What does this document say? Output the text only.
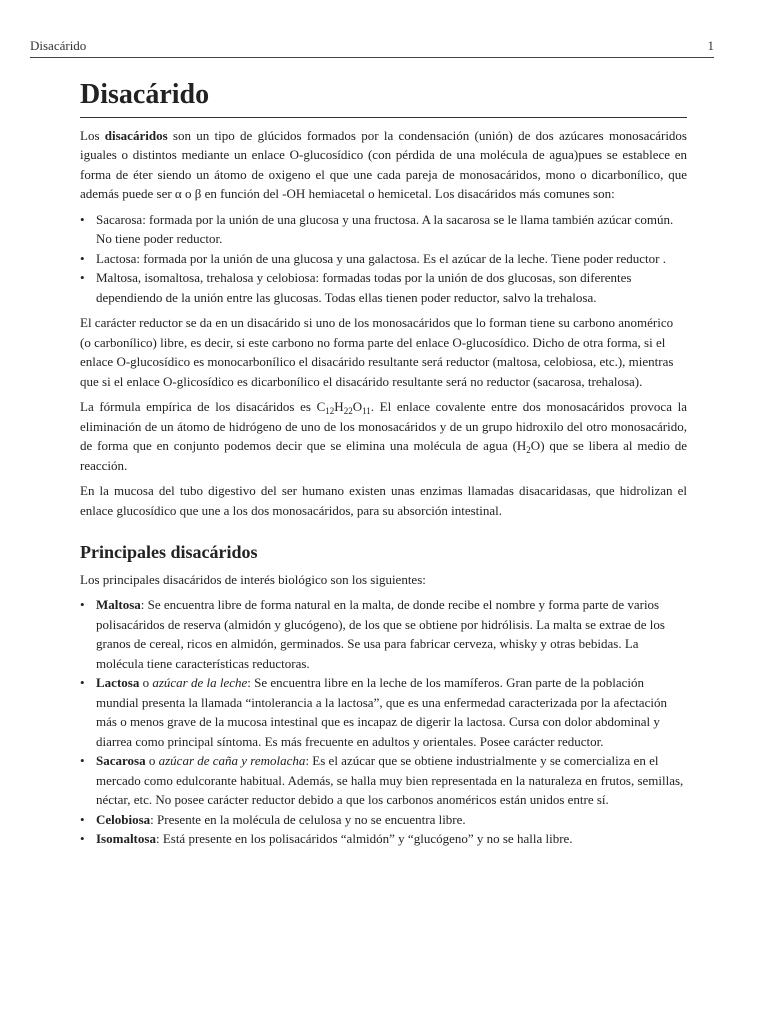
Disacárido	1
Disacárido

Los disacáridos son un tipo de glúcidos formados por la condensación (unión) de dos azúcares monosacáridos iguales o distintos mediante un enlace O-glucosídico (con pérdida de una molécula de agua)pues se establece en forma de éter siendo un átomo de oxigeno el que une cada pareja de monosacáridos, mono o dicarbonílico, que además puede ser α o β en función del -OH hemiacetal o hemicetal. Los disacáridos más comunes son:

• Sacarosa: formada por la unión de una glucosa y una fructosa. A la sacarosa se le llama también azúcar común. No tiene poder reductor.
• Lactosa: formada por la unión de una glucosa y una galactosa. Es el azúcar de la leche. Tiene poder reductor .
• Maltosa, isomaltosa, trehalosa y celobiosa: formadas todas por la unión de dos glucosas, son diferentes dependiendo de la unión entre las glucosas. Todas ellas tienen poder reductor, salvo la trehalosa.

El carácter reductor se da en un disacárido si uno de los monosacáridos que lo forman tiene su carbono anomérico (o carbonílico) libre, es decir, si este carbono no forma parte del enlace O-glucosídico. Dicho de otra forma, si el enlace O-glucosídico es monocarbonílico el disacárido resultante será reductor (maltosa, celobiosa, etc.), mientras que si el enlace O-glicosídico es dicarbonílico el disacárido resultante será no reductor (sacarosa, trehalosa).

La fórmula empírica de los disacáridos es $C_{12}H_{22}O_{11}$. El enlace covalente entre dos monosacáridos provoca la eliminación de un átomo de hidrógeno de uno de los monosacáridos y de un grupo hidroxilo del otro monosacárido, de forma que en conjunto podemos decir que se elimina una molécula de agua $(H_2O)$ que se libera al medio de reacción.

En la mucosa del tubo digestivo del ser humano existen unas enzimas llamadas disacaridasas, que hidrolizan el enlace glucosídico que une a los dos monosacáridos, para su absorción intestinal.

Principales disacáridos

Los principales disacáridos de interés biológico son los siguientes:

• Maltosa: Se encuentra libre de forma natural en la malta, de donde recibe el nombre y forma parte de varios polisacáridos de reserva (almidón y glucógeno), de los que se obtiene por hidrólisis. La malta se extrae de los granos de cereal, ricos en almidón, germinados. Se usa para fabricar cerveza, whisky y otras bebidas. La molécula tiene características reductoras.
• Lactosa o azúcar de la leche: Se encuentra libre en la leche de los mamíferos. Gran parte de la población mundial presenta la llamada “intolerancia a la lactosa”, que es una enfermedad caracterizada por la afectación más o menos grave de la mucosa intestinal que es incapaz de digerir la lactosa. Cursa con dolor abdominal y diarrea como principal síntoma. Es más frecuente en adultos y orientales. Posee carácter reductor.
• Sacarosa o azúcar de caña y remolacha: Es el azúcar que se obtiene industrialmente y se comercializa en el mercado como edulcorante habitual. Además, se halla muy bien representada en la naturaleza en frutos, semillas, néctar, etc. No posee carácter reductor debido a que los carbonos anoméricos están unidos entre sí.
• Celobiosa: Presente en la molécula de celulosa y no se encuentra libre.
• Isomaltosa: Está presente en los polisacáridos “almidón” y “glucógeno” y no se halla libre.
